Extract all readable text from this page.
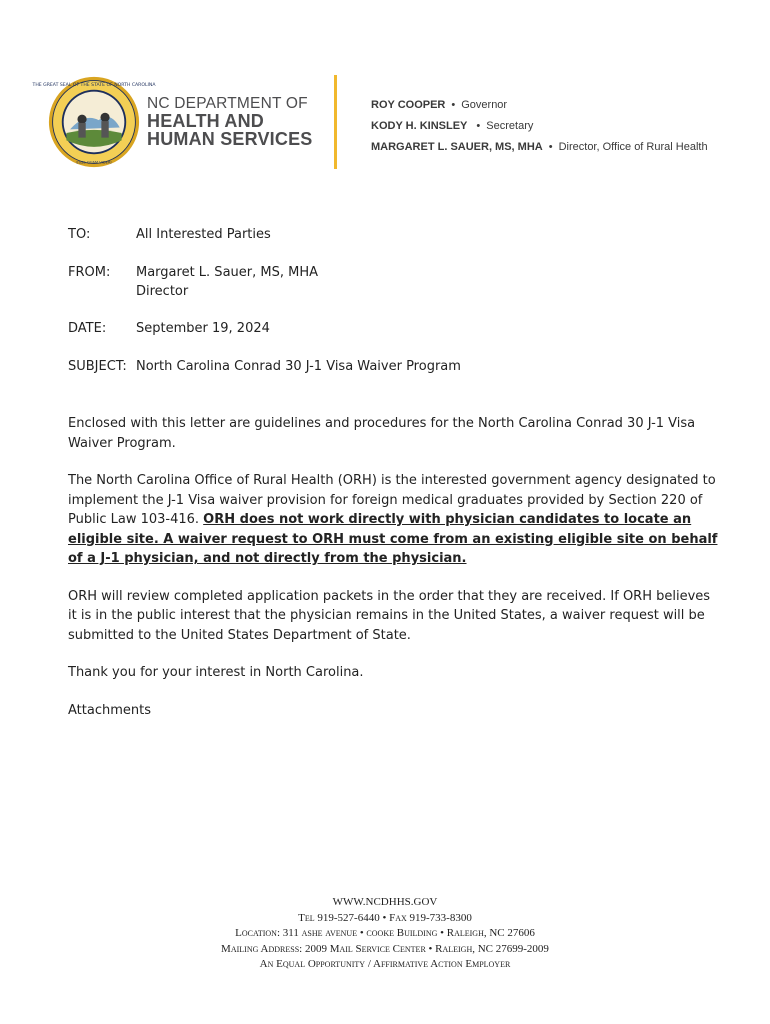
THE GREAT SEAL OF THE STATE OF NORTH CAROLINA
ESSE QUAM VIDERI
NC DEPARTMENT OF
HEALTH AND
HUMAN SERVICES
ROY COOPER • Governor
KODY H. KINSLEY • Secretary
MARGARET L. SAUER, MS, MHA • Director, Office of Rural Health
TO:	All Interested Parties
FROM: Margaret L. Sauer, MS, MHA
Director
DATE: September 19, 2024
SUBJECT: North Carolina Conrad 30 J-1 Visa Waiver Program

Enclosed with this letter are guidelines and procedures for the North Carolina Conrad 30 J-1 Visa Waiver Program.

The North Carolina Office of Rural Health (ORH) is the interested government agency designated to implement the J-1 Visa waiver provision for foreign medical graduates provided by Section 220 of Public Law 103-416. ORH does not work directly with physician candidates to locate an eligible site. A waiver request to ORH must come from an existing eligible site on behalf of a J-1 physician, and not directly from the physician.

ORH will review completed application packets in the order that they are received. If ORH believes it is in the public interest that the physician remains in the United States, a waiver request will be submitted to the United States Department of State.

Thank you for your interest in North Carolina.

Attachments

WWW.NCDHHS.GOV
Tel 919-527-6440 • Fax 919-733-8300
Location: 311 ashe avenue • cooke Building • Raleigh, NC 27606
Mailing Address: 2009 Mail Service Center • Raleigh, NC 27699-2009
An Equal Opportunity / Affirmative Action Employer
